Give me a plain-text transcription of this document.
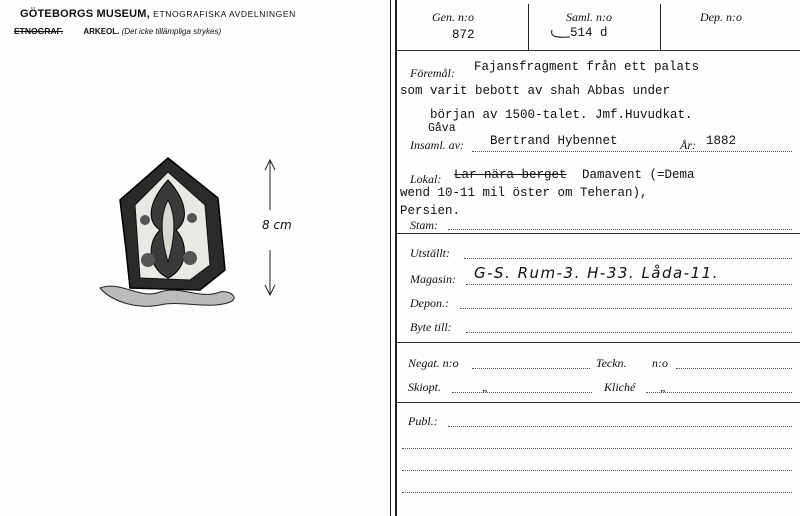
GÖTEBORGS MUSEUM, ETNOGRAFISKA AVDELNINGEN
ETNOGRAF.	ARKEOL. (Det icke tillämpliga strykes)
8 cm
Gen. n:o
872
Saml. n:o
514 d
Dep. n:o
Föremål: Fajansfragment från ett palats
som varit bebott av shah Abbas under
början av 1500-talet. Jmf.Huvudkat.
Gåva
Insaml. av: Bertrand Hybennet	År: 1882
Lokal: Lar nära berget Damavent (=Dema
wend 10-11 mil öster om Teheran),
Persien.
Stam:
Utställt:
Magasin: G-S. Rum-3. H-33. Låda-11.
Depon.:
Byte till:
Negat. n:o	Teckn. n:o
Skiopt.	„	Kliché „
Publ.:
